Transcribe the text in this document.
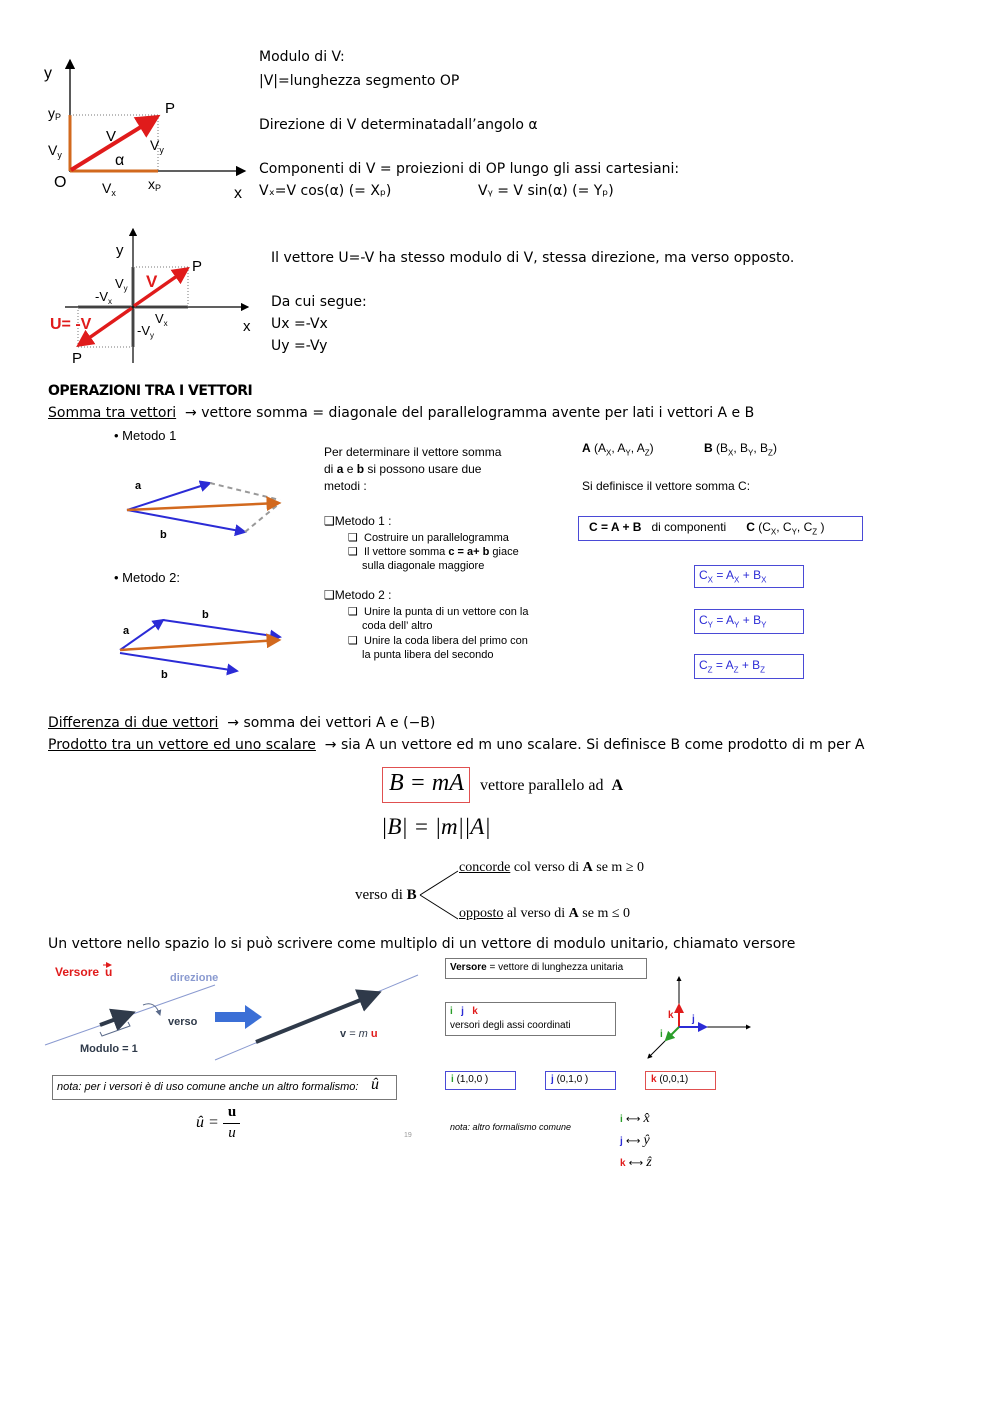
y
yP
$V_y$
P
V
α
$V_y$
O	$V_x$
xP	x
Modulo di V:
|V|=lunghezza segmento OP
Direzione di V determinatadall’angolo α
Componenti di V = proiezioni di OP lungo gli assi cartesiani:
Vₓ=V cos(α) (= Xₚ)	Vᵧ = V sin(α) (= Yₚ)
y
P
$V_y$ V
$-V_x$
$V_x$
U= -V	$-V_y$
x
P
Il vettore U=-V ha stesso modulo di V, stessa direzione, ma verso opposto.
Da cui segue:
Ux =-Vx
Uy =-Vy
OPERAZIONI TRA I VETTORI
Somma tra vettori  → vettore somma = diagonale del parallelogramma avente per lati i vettori A e B
• Metodo 1
• Metodo 2:
a
b
a
b
b
Per determinare il vettore somma
di a e b si possono usare due
metodi :
❑Metodo 1 :
❑ Costruire un parallelogramma
❑ Il vettore somma c = a+ b giace
sulla diagonale maggiore
❑Metodo 2 :
❑ Unire la punta di un vettore con la
coda dell’ altro
❑ Unire la coda libera del primo con
la punta libera del secondo
A ($A_X$, $A_Y$, $A_Z$)	B ($B_X$, $B_Y$, $B_Z$)
Si definisce il vettore somma C:
C = A + B di componenti C ($C_X$, $C_Y$, $C_Z$ )
$C_X = A_X + B_X$
$C_Y = A_Y + B_Y$
$C_Z = A_Z + B_Z$
Differenza di due vettori  → somma dei vettori A e (−B)
Prodotto tra un vettore ed uno scalare  → sia A un vettore ed m uno scalare. Si definisce B come prodotto di m per A
B = mA vettore parallelo ad A
|B| = |m||A|
verso di B
concorde col verso di A se m ≥ 0
opposto al verso di A se m ≤ 0
Un vettore nello spazio lo si può scrivere come multiplo di un vettore di modulo unitario, chiamato versore
Versore u	direzione
verso
Modulo = 1
v = m u
nota: per i versori è di uso comune anche un altro formalismo: û
û =
u
u	19
Versore = vettore di lunghezza unitaria
i j k
versori degli assi coordinati
k j
i
i (1,0,0 )	j (0,1,0 )	k (0,0,1)
nota: altro formalismo comune
i ⟷ x̂
j ⟷ ŷ
k ⟷ ẑ
